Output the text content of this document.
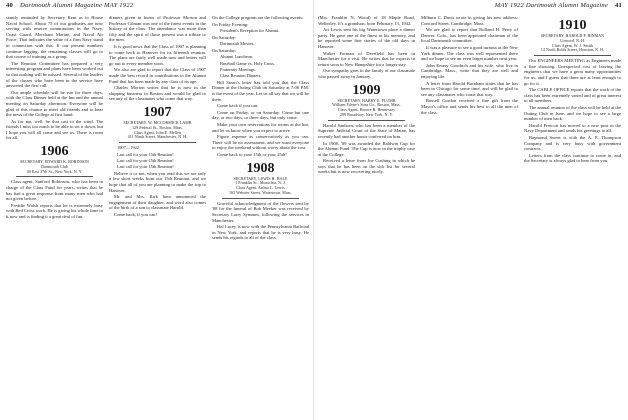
40 Dartmouth Alumni Magazine MAY 1922

stantly reminded by Secretary Kent as to House Naval School. About 75 of our graduates are now serving with reserve commissions in the Navy, Coast Guard, Merchant Marine, and Naval Air Force. That indicates the value of a firm Navy stand in connection with this. If our present numbers continue lagging, the remaining classes will go to that course of training as a group.

The Reunion Committee has prepared a very interesting program and plans have been worked out so that nothing will be missed. Several of the leaders of the classes who have been in the service have answered the first call.

Our ample schedule will be run for three days, with the Class Dinner held at the Inn and the annual meeting on Saturday afternoon. Everyone will be glad of this chance to meet old friends and to hear the news of the College at first hand.

As for me, well, be that cast to the wind. The friends I miss too much to be able to set it down, but I hope you will all come and see us. There is room for all.

1906
SECRETARY, EDWARD K. ROBINSON
Dartmouth Club
30 East 37th St., New York, N. Y.

Class agent, Sanford Robinson, who has been in charge of the Class Fund for years, writes that he has had a great response from many men who had not given before.

Freddie Walsh reports that he is extremely busy with Red Cross work. He is giving his whole time to it now and is finding it a great deal of fun.

dinners given in honor of Professor Morton and Professor Gilman was one of the finest events in the history of the class. The attendance was more than fifty and the spirit of those present was a tribute to the men.

It is good news that the Class of 1907 is planning to come back to Hanover for its fifteenth reunion. The plans are fairly well made now and letters will go out to every member soon.

We also are glad to report that the Class of 1907 made the best record in contributions to the Alumni Fund that has been made by any class of its age.

Charles Morton writes that he is now in the shipping business in Boston and would be glad to see any of the classmates who come that way.

1907
SECRETARY, W. MCCORMICK LAMB
129 Federal St., Boston, Mass.
Class Agent, John E. Mellen
411 Ninth Street, Manchester, N. H.
1907—1922
Last call for your 15th Reunion!
Last call for your 15th Reunion!
Last call for your 15th Reunion!

Believe it or not, when you read this we are only a few short weeks from our 15th Reunion, and we hope that all of you are planning to make the trip to Hanover.

Mr. and Mrs. Kirk have announced the engagement of their daughter, and word also comes of the birth of a son to classmate Harold.

Come back, if you can!

On the College program are the following events:

On Friday Evening:

President's Reception for Alumni.

On Saturday:

Dartmouth Movies.

On Saturday:

Alumni Luncheon.
Baseball Game vs. Holy Cross.
Fraternity Meetings.
Class Reunion Dinners.

Bill Steart's letter has told you that the Class Dinner at the Outing Club on Saturday at 7:00 P.M. is the event of the year. Let us all say that we will be there.

Come back if you can.

Come on Friday, or on Saturday. Come but one day, or two days, or three days, but only come.

Make your own reservations for rooms at the Inn, and let us know when you expect to arrive.

Figure expense as conservatively as you can. There will be no assessment, and we want everyone to enjoy the weekend without worry about the cost.

Come back to your 15th or your 25th!

1908
SECRETARY, LEWIS H. HALE
1 Franklin St., Montclair, N. J.
Class Agent, Arthur L. Lewis
165 Webster Street, Watertown, Mass.

Graceful acknowledgment of the flowers sent by '08 for the funeral of Bob Meeker was received by Secretary Larry Symmes, following the services in Manchester.

Hal Lacey is now with the Pennsylvania Railroad in New York, and reports that he is very busy. He sends his regards to all of the class.

MAY 1922 Dartmouth Alumni Magazine 41

(Mrs. Franklin N. Wood) of 18 Maple Road, Wellesley. It's a grandson, born February 13, 1942.

Art Lewis sent his big Watertown place a dinner party. He gave one of the finest in his memory, and he reported some fine stories of the old days in Hanover.

Walter Forman of Deerfield has been in Manchester for a visit. He writes that he expects to return soon to New Hampshire for a longer stay.

Our sympathy goes to the family of our classmate who passed away in January.

1909
SECRETARY, HARRY E. PLUMB
William Filene's Sons Co., Boston, Mass.
Class Agent, Horace B. Hennessey
299 Broadway, New York, N. Y.

Harold Sanborn, who has been a member of the Supreme Judicial Court of the State of Maine, has recently had another honor conferred on him.

In 1908, '09 was awarded the Baldwin Cup for the Alumni Fund. The Cup is now in the trophy case at the College.

Received a letter from Joe Cushing in which he says that he has been on the sick list for several weeks but is now recovering nicely.

Milburn C. Davis wrote in giving his new address: Concord Street, Cambridge, Mass.

We are glad to report that Rolland H. Perry of Denver, Colo., has been appointed chairman of the local Dartmouth committee.

It was a pleasure to see a good turnout at the New York dinner. The class was well represented there and we hope to see an even larger number next year.

John Emery Goodrich and his wife, who live in Cambridge, Mass., write that they are well and enjoying life.

A letter from Harold Burnham states that he has been in Chicago for some time, and will be glad to see any classmates who come that way.

Russell Gordon received a fine gift from the Mayor's office and sends his best to all the men of the class.

1910
SECRETARY, HAROLD P. HINMAN
Concord, N. H.
Class Agent, W. J. Smith
14 North Bolds Street, Houston, N. H.

Our ENGINEERS MEETING as Engineers made a fine showing. Unexpected cost of leaving the engineers that we have a great many opportunities for us, and I guess that there are at least enough to go for it.

The CABLE OFFICE reports that the work of the class has been extremely varied and of great interest to all members.

The annual reunion of the class will be held at the Outing Club in June, and we hope to see a large number of men back.

Harold Prescott has moved to a new post in the Navy Department and sends his greetings to all.

Raymond Sweet is with the A. E. Thompson Company and is very busy with government contracts.

Letters from the class continue to come in, and the Secretary is always glad to hear from you.
